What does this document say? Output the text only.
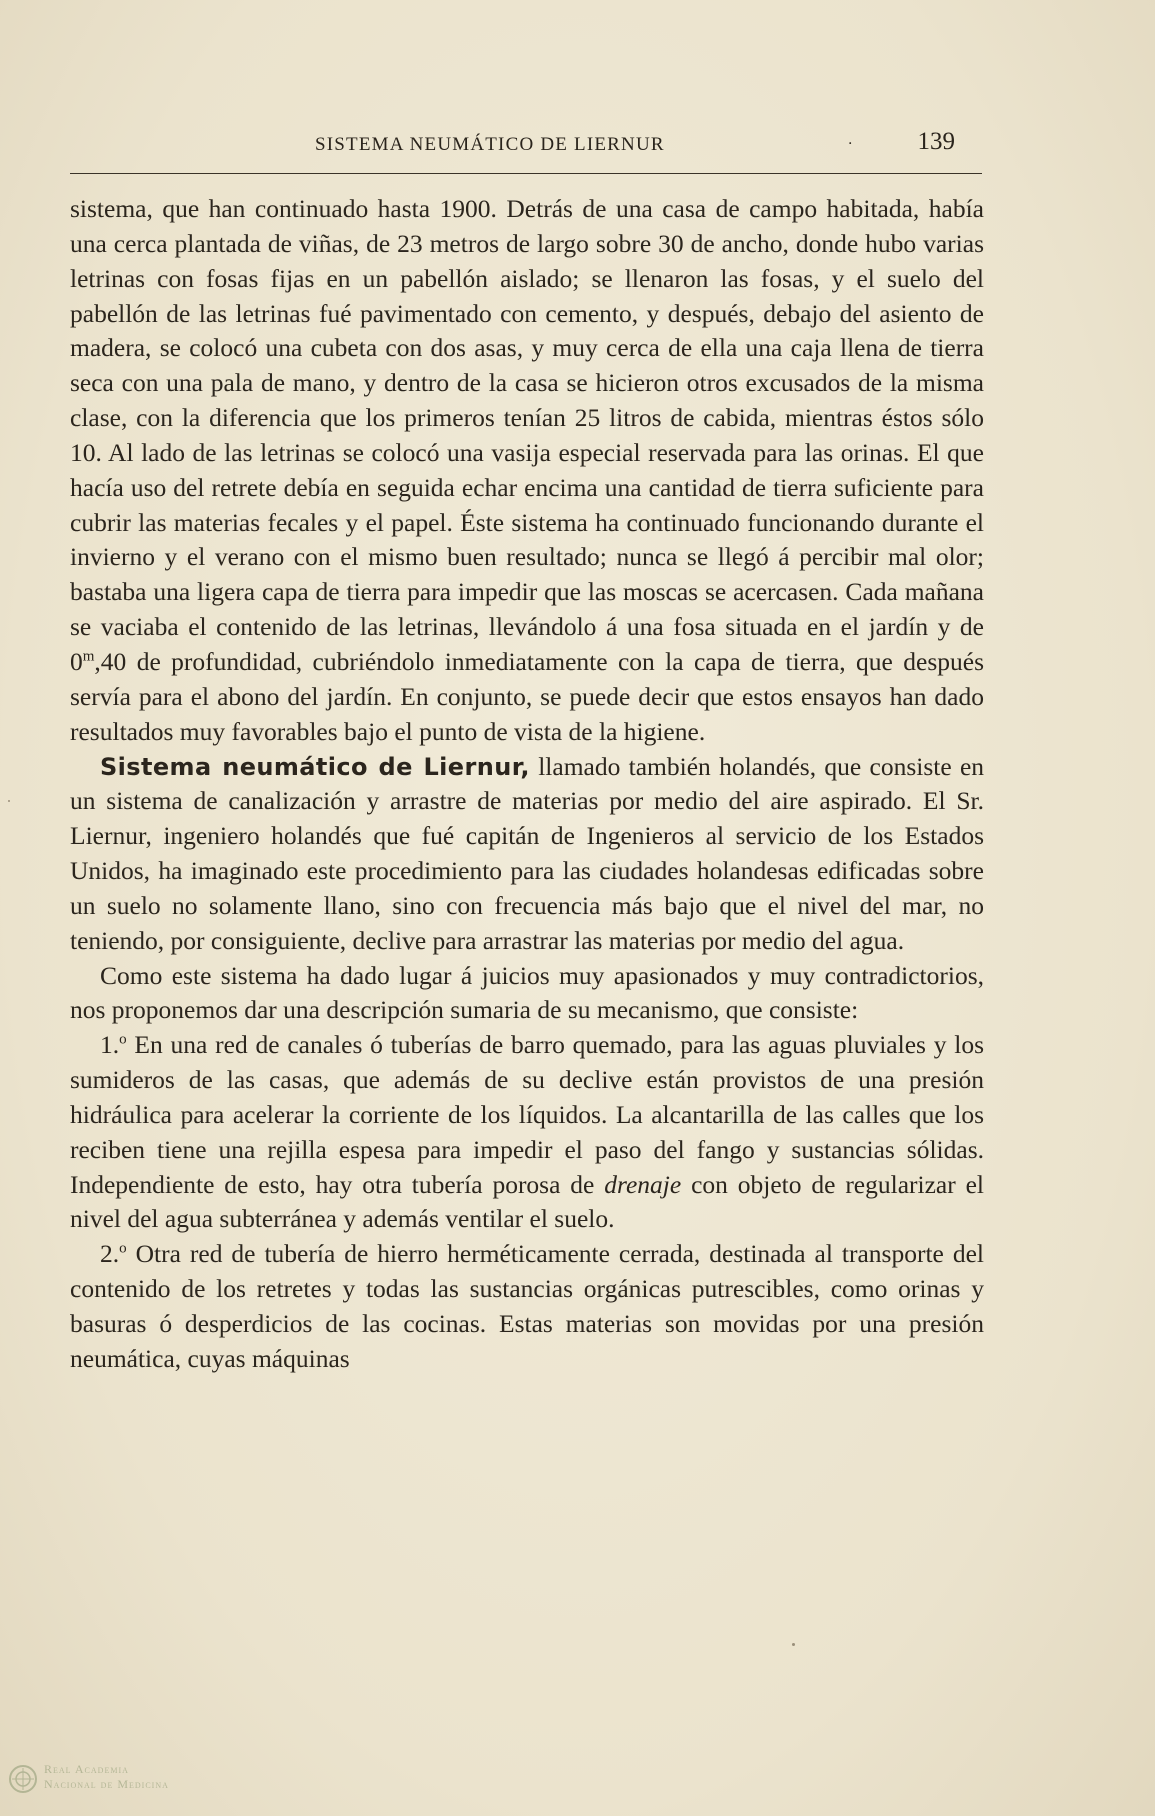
SISTEMA NEUMÁTICO DE LIERNUR	·	139

sistema, que han continuado hasta 1900. Detrás de una casa de campo habitada, había una cerca plantada de viñas, de 23 metros de largo sobre 30 de ancho, donde hubo varias letrinas con fosas fijas en un pabellón aislado; se llenaron las fosas, y el suelo del pabellón de las letrinas fué pavimentado con cemento, y después, debajo del asiento de madera, se colocó una cubeta con dos asas, y muy cerca de ella una caja llena de tierra seca con una pala de mano, y dentro de la casa se hicieron otros excusados de la misma clase, con la diferencia que los primeros tenían 25 litros de cabida, mientras éstos sólo 10. Al lado de las letrinas se colocó una vasija especial reservada para las orinas. El que hacía uso del retrete debía en seguida echar encima una cantidad de tierra suficiente para cubrir las materias fecales y el papel. Éste sistema ha continuado funcionando durante el invierno y el verano con el mismo buen resultado; nunca se llegó á percibir mal olor; bastaba una ligera capa de tierra para impedir que las moscas se acercasen. Cada mañana se vaciaba el contenido de las letrinas, llevándolo á una fosa situada en el jardín y de 0$^m$,40 de profundidad, cubriéndolo inmediatamente con la capa de tierra, que después servía para el abono del jardín. En conjunto, se puede decir que estos ensayos han dado resultados muy favorables bajo el punto de vista de la higiene.

Sistema neumático de Liernur, llamado también holandés, que consiste en un sistema de canalización y arrastre de materias por medio del aire aspirado. El Sr. Liernur, ingeniero holandés que fué capitán de Ingenieros al servicio de los Estados Unidos, ha imaginado este procedimiento para las ciudades holandesas edificadas sobre un suelo no solamente llano, sino con frecuencia más bajo que el nivel del mar, no teniendo, por consiguiente, declive para arrastrar las materias por medio del agua.

Como este sistema ha dado lugar á juicios muy apasionados y muy contradictorios, nos proponemos dar una descripción sumaria de su mecanismo, que consiste:

1.$^o$ En una red de canales ó tuberías de barro quemado, para las aguas pluviales y los sumideros de las casas, que además de su declive están provistos de una presión hidráulica para acelerar la corriente de los líquidos. La alcantarilla de las calles que los reciben tiene una rejilla espesa para impedir el paso del fango y sustancias sólidas. Independiente de esto, hay otra tubería porosa de drenaje con objeto de regularizar el nivel del agua subterránea y además ventilar el suelo.

2.$^o$ Otra red de tubería de hierro herméticamente cerrada, destinada al transporte del contenido de los retretes y todas las sustancias orgánicas putrescibles, como orinas y basuras ó desperdicios de las cocinas. Estas materias son movidas por una presión neumática, cuyas máquinas

Real Academia
Nacional de Medicina
